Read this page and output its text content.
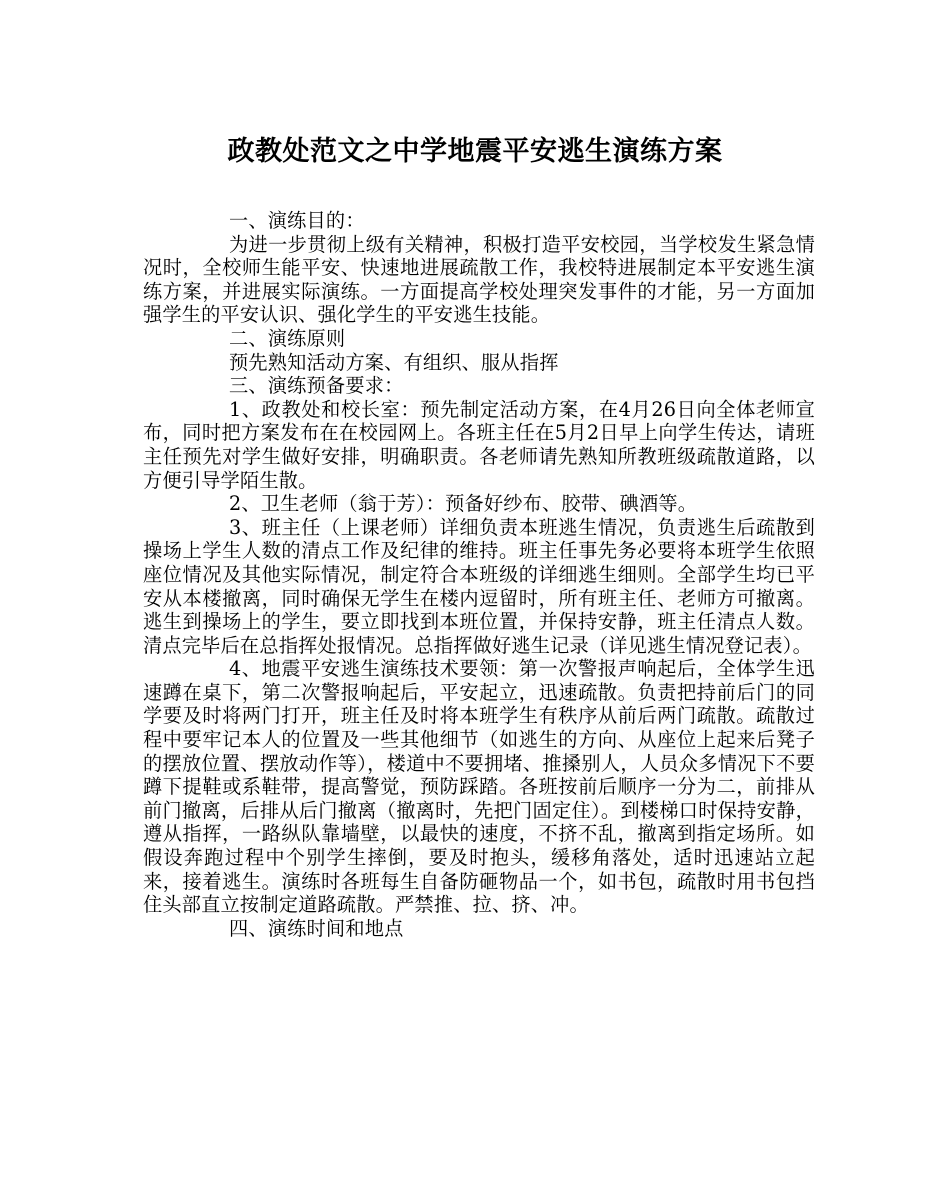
政教处范文之中学地震平安逃生演练方案

一、演练目的：

为进一步贯彻上级有关精神，积极打造平安校园，当学校发生紧急情况时，全校师生能平安、快速地进展疏散工作，我校特进展制定本平安逃生演练方案，并进展实际演练。一方面提高学校处理突发事件的才能，另一方面加强学生的平安认识、强化学生的平安逃生技能。

二、演练原则

预先熟知活动方案、有组织、服从指挥

三、演练预备要求：

1、政教处和校长室：预先制定活动方案，在4月26日向全体老师宣布，同时把方案发布在在校园网上。各班主任在5月2日早上向学生传达，请班主任预先对学生做好安排，明确职责。各老师请先熟知所教班级疏散道路，以方便引导学陌生散。

2、卫生老师（翁于芳）：预备好纱布、胶带、碘酒等。

3、班主任（上课老师）详细负责本班逃生情况，负责逃生后疏散到操场上学生人数的清点工作及纪律的维持。班主任事先务必要将本班学生依照座位情况及其他实际情况，制定符合本班级的详细逃生细则。全部学生均已平安从本楼撤离，同时确保无学生在楼内逗留时，所有班主任、老师方可撤离。逃生到操场上的学生，要立即找到本班位置，并保持安静，班主任清点人数。清点完毕后在总指挥处报情况。总指挥做好逃生记录（详见逃生情况登记表）。

4、地震平安逃生演练技术要领：第一次警报声响起后，全体学生迅速蹲在桌下，第二次警报响起后，平安起立，迅速疏散。负责把持前后门的同学要及时将两门打开，班主任及时将本班学生有秩序从前后两门疏散。疏散过程中要牢记本人的位置及一些其他细节（如逃生的方向、从座位上起来后凳子的摆放位置、摆放动作等），楼道中不要拥堵、推搡别人，人员众多情况下不要蹲下提鞋或系鞋带，提高警觉，预防踩踏。各班按前后顺序一分为二，前排从前门撤离，后排从后门撤离（撤离时，先把门固定住）。到楼梯口时保持安静，遵从指挥，一路纵队靠墙壁，以最快的速度，不挤不乱，撤离到指定场所。如假设奔跑过程中个别学生摔倒，要及时抱头，缓移角落处，适时迅速站立起来，接着逃生。演练时各班每生自备防砸物品一个，如书包，疏散时用书包挡住头部直立按制定道路疏散。严禁推、拉、挤、冲。

四、演练时间和地点
